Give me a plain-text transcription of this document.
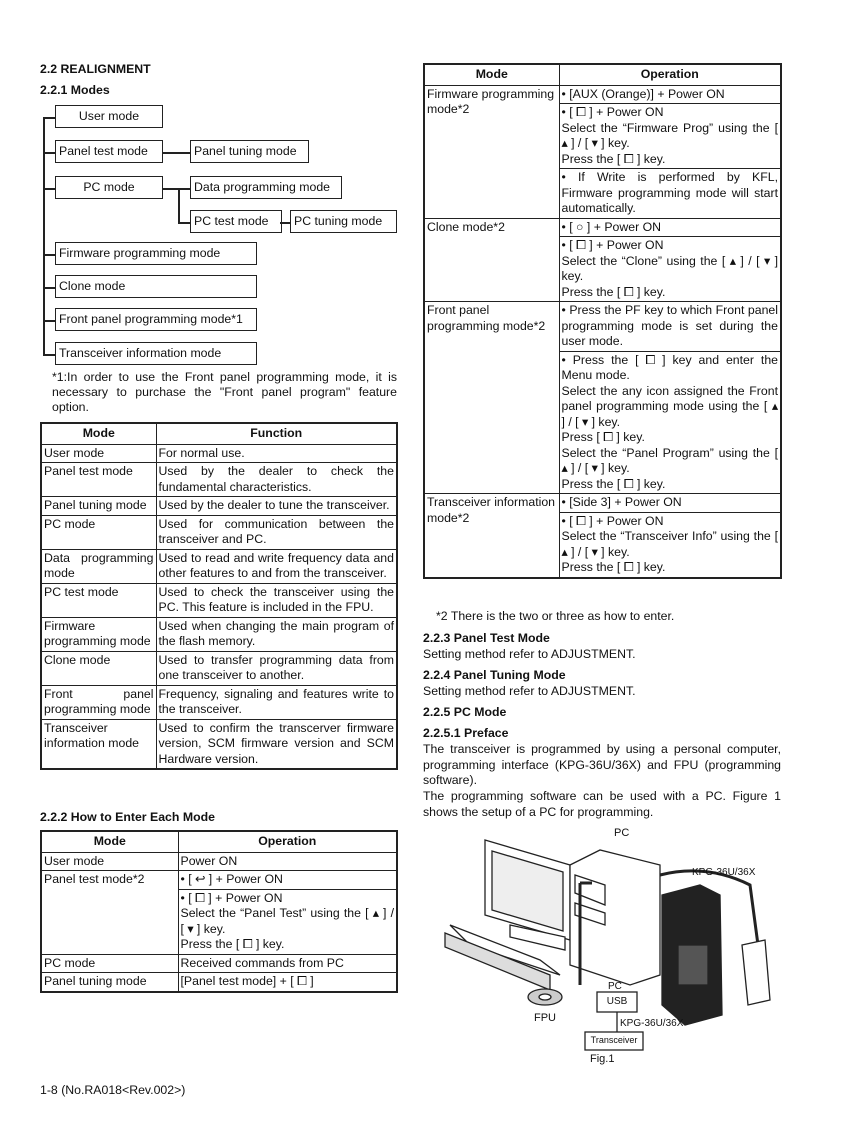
2.2 REALIGNMENT
2.2.1 Modes
User mode
Panel test mode	Panel tuning mode
PC mode	Data programming mode
PC test mode	PC tuning mode
Firmware programming mode
Clone mode
Front panel programming mode*1
Transceiver information mode
*1:In order to use the Front panel programming mode, it is necessary to purchase the "Front panel program" feature option.
Mode	Function
User mode	For normal use.
Panel test mode	Used by the dealer to check the fundamental characteristics.
Panel tuning mode	Used by the dealer to tune the transceiver.
PC mode	Used for communication between the transceiver and PC.
Data programming mode	Used to read and write frequency data and other features to and from the transceiver.
PC test mode	Used to check the transceiver using the PC. This feature is included in the FPU.
Firmware programming mode	Used when changing the main program of the flash memory.
Clone mode	Used to transfer programming data from one transceiver to another.
Front panel programming mode	Frequency, signaling and features write to the transceiver.
Transceiver information mode	Used to confirm the transcerver firmware version, SCM firmware version and SCM Hardware version.
2.2.2 How to Enter Each Mode
Mode	Operation
User mode	Power ON
Panel test mode*2	• [ ↩ ] + Power ON
	• [ ⧠ ] + Power ON
Select the “Panel Test” using the [ ▴ ] / [ ▾ ] key.
Press the [ ⧠ ] key.
PC mode	Received commands from PC
Panel tuning mode	[Panel test mode] + [ ⧠ ]
Mode	Operation
Firmware programming mode*2	• [AUX (Orange)] + Power ON
	• [ ⧠ ] + Power ON
Select the “Firmware Prog” using the [ ▴ ] / [ ▾ ] key.
Press the [ ⧠ ] key.
	• If Write is performed by KFL, Firmware programming mode will start automatically.
Clone mode*2	• [ ○ ] + Power ON
	• [ ⧠ ] + Power ON
Select the “Clone” using the [ ▴ ] / [ ▾ ] key.
Press the [ ⧠ ] key.
Front panel programming mode*2	• Press the PF key to which Front panel programming mode is set during the user mode.
	• Press the [ ⧠ ] key and enter the Menu mode.
Select the any icon assigned the Front panel programming mode using the [ ▴ ] / [ ▾ ] key.
Press [ ⧠ ] key.
Select the “Panel Program” using the [ ▴ ] / [ ▾ ] key.
Press the [ ⧠ ] key.
Transceiver information mode*2	• [Side 3] + Power ON
	• [ ⧠ ] + Power ON
Select the “Transceiver Info” using the [ ▴ ] / [ ▾ ] key.
Press the [ ⧠ ] key.
*2 There is the two or three as how to enter.
2.2.3 Panel Test Mode
Setting method refer to ADJUSTMENT.
2.2.4 Panel Tuning Mode
Setting method refer to ADJUSTMENT.
2.2.5 PC Mode
2.2.5.1 Preface
The transceiver is programmed by using a personal computer, programming interface (KPG-36U/36X) and FPU (programming software).
The programming software can be used with a PC. Figure 1 shows the setup of a PC for programming.
PC
KPG-36U/36X
FPU
PC
USB
KPG-36U/36X
Transceiver
Fig.1
1-8 (No.RA018<Rev.002>)
